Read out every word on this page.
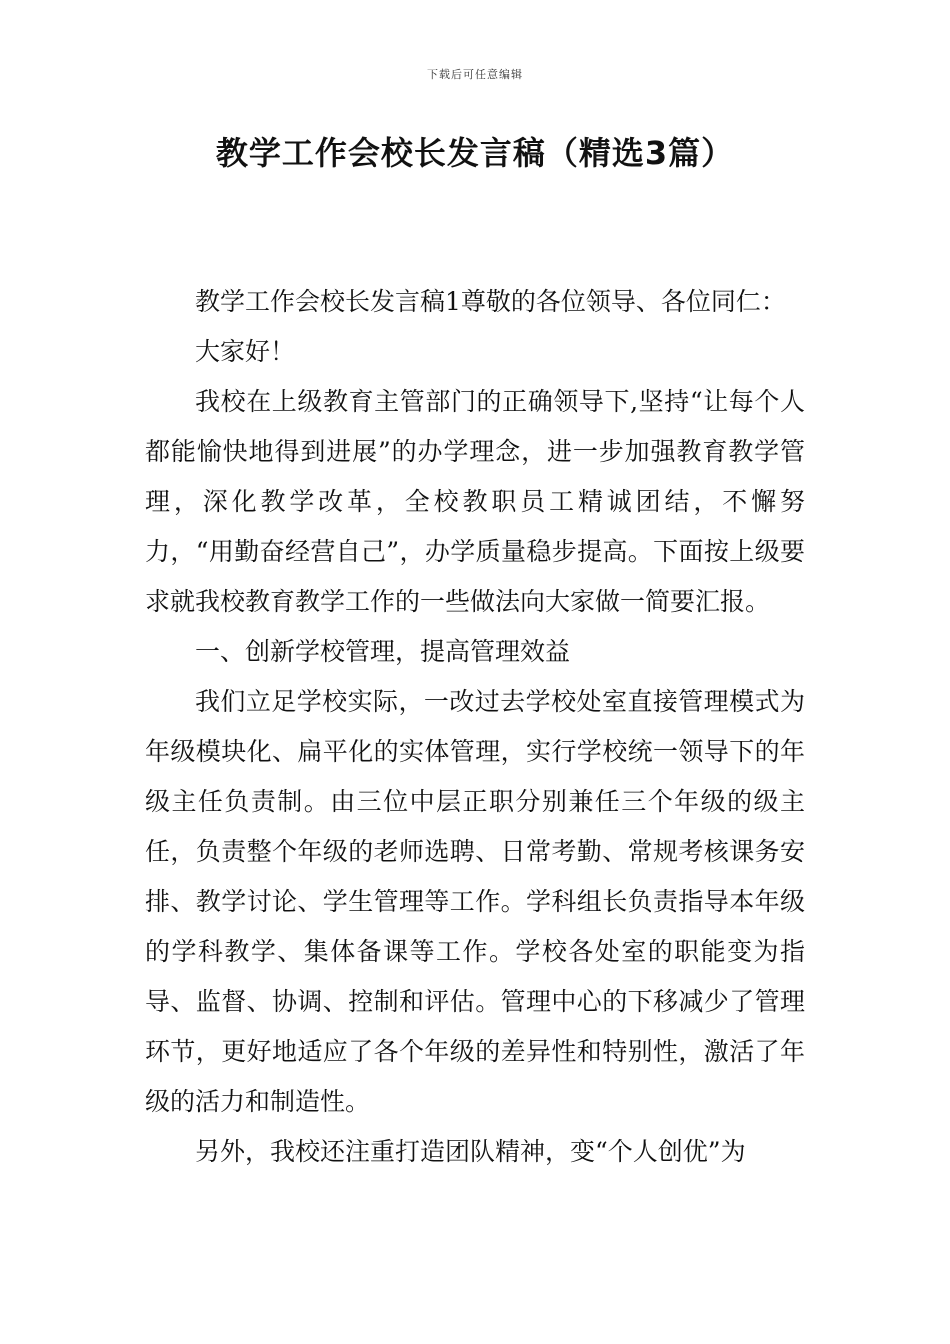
下载后可任意编辑
教学工作会校长发言稿（精选3篇）

教学工作会校长发言稿1尊敬的各位领导、各位同仁：

大家好！

我校在上级教育主管部门的正确领导下,坚持“让每个人都能愉快地得到进展”的办学理念，进一步加强教育教学管理，深化教学改革，全校教职员工精诚团结，不懈努力，“用勤奋经营自己”，办学质量稳步提高。下面按上级要求就我校教育教学工作的一些做法向大家做一简要汇报。

一、创新学校管理，提高管理效益

我们立足学校实际，一改过去学校处室直接管理模式为年级模块化、扁平化的实体管理，实行学校统一领导下的年级主任负责制。由三位中层正职分别兼任三个年级的级主任，负责整个年级的老师选聘、日常考勤、常规考核课务安排、教学讨论、学生管理等工作。学科组长负责指导本年级的学科教学、集体备课等工作。学校各处室的职能变为指导、监督、协调、控制和评估。管理中心的下移减少了管理环节，更好地适应了各个年级的差异性和特别性，激活了年级的活力和制造性。

另外，我校还注重打造团队精神，变“个人创优”为
